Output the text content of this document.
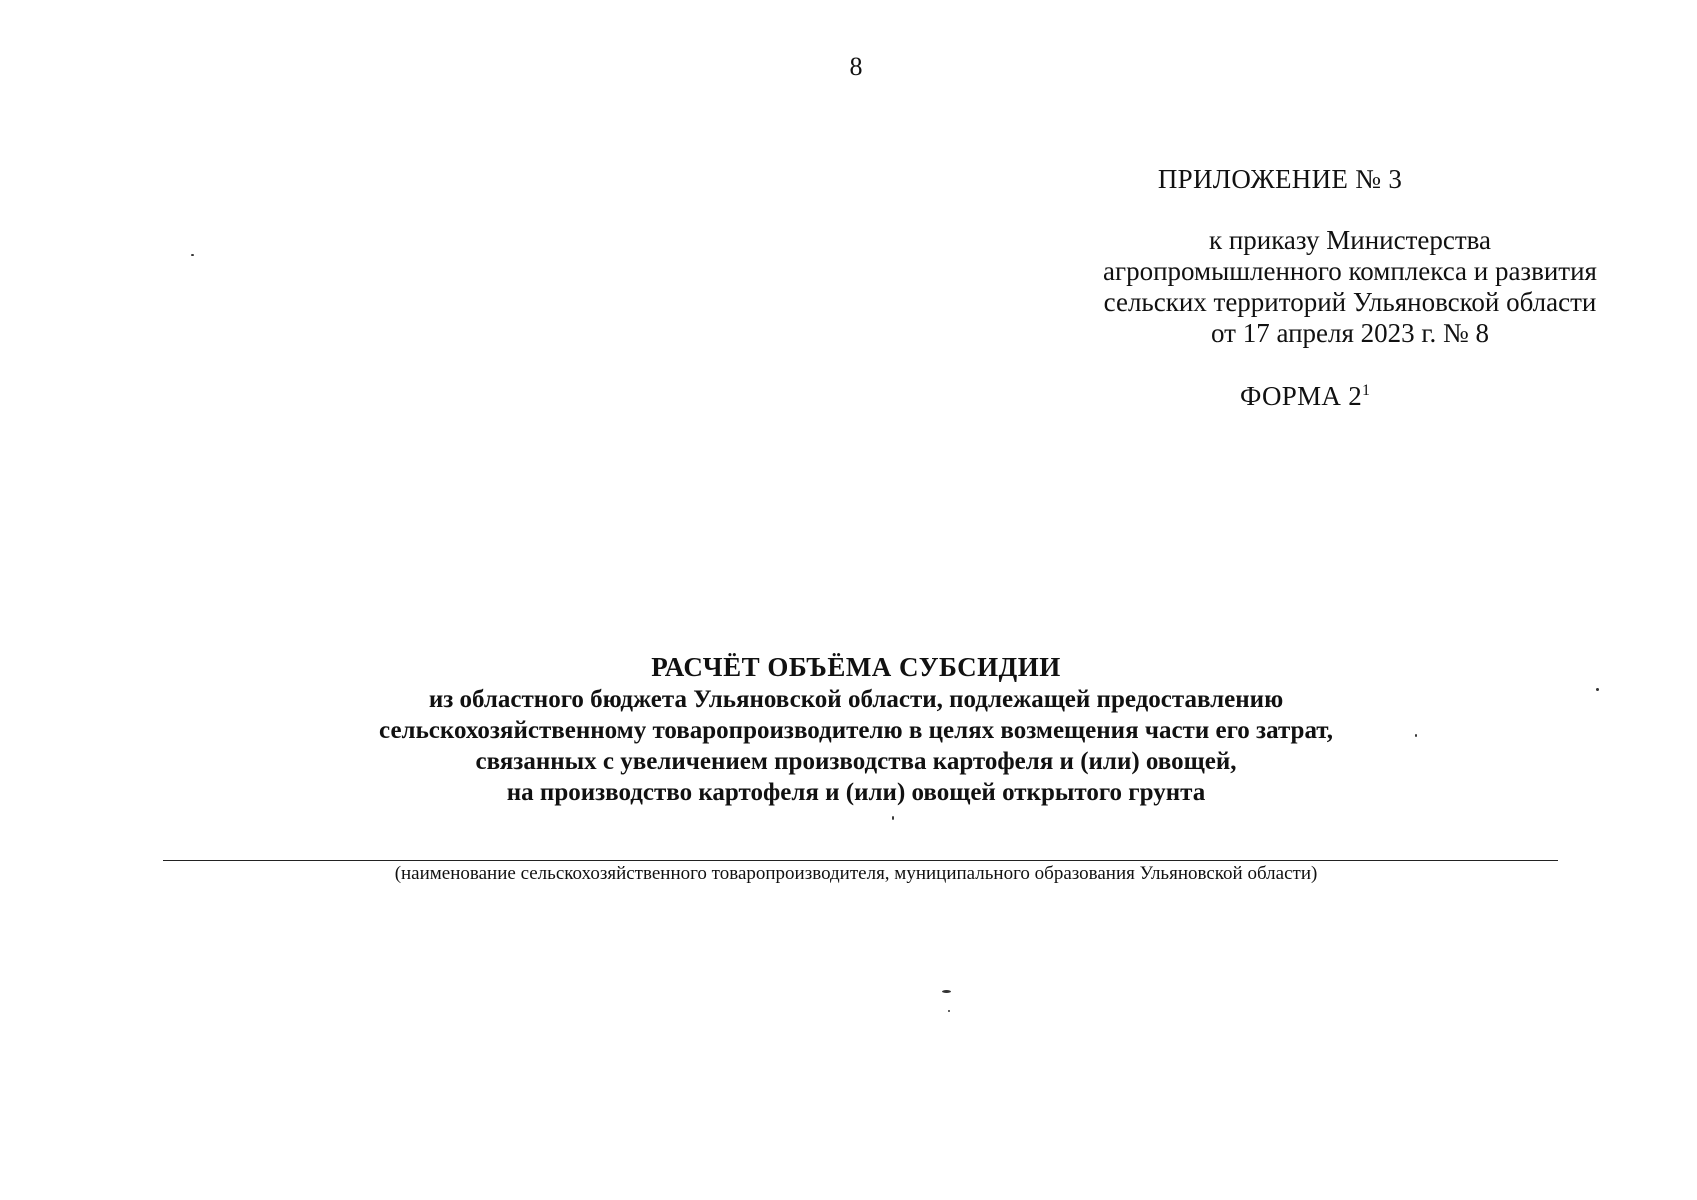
8
ПРИЛОЖЕНИЕ № 3
к приказу Министерства
агропромышленного комплекса и развития
сельских территорий Ульяновской области
от 17 апреля 2023 г. № 8
ФОРМА $2^1$
РАСЧЁТ ОБЪЁМА СУБСИДИИ
из областного бюджета Ульяновской области, подлежащей предоставлению
сельскохозяйственному товаропроизводителю в целях возмещения части его затрат,
связанных с увеличением производства картофеля и (или) овощей,
на производство картофеля и (или) овощей открытого грунта
(наименование сельскохозяйственного товаропроизводителя, муниципального образования Ульяновской области)
